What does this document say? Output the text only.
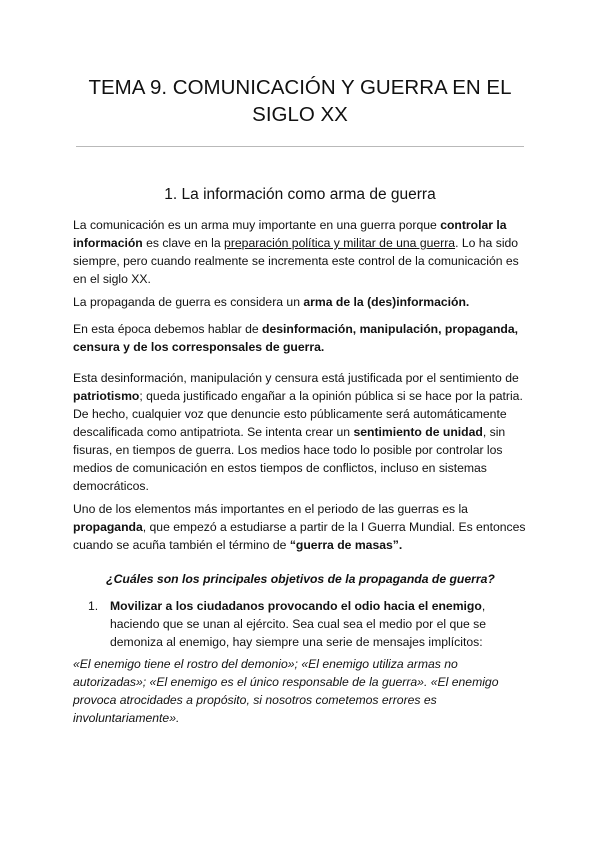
TEMA 9. COMUNICACIÓN Y GUERRA EN EL
SIGLO XX
1. La información como arma de guerra

La comunicación es un arma muy importante en una guerra porque controlar la información es clave en la preparación política y militar de una guerra. Lo ha sido siempre, pero cuando realmente se incrementa este control de la comunicación es en el siglo XX.

La propaganda de guerra es considera un arma de la (des)información.

En esta época debemos hablar de desinformación, manipulación, propaganda, censura y de los corresponsales de guerra.

Esta desinformación, manipulación y censura está justificada por el sentimiento de patriotismo; queda justificado engañar a la opinión pública si se hace por la patria. De hecho, cualquier voz que denuncie esto públicamente será automáticamente descalificada como antipatriota. Se intenta crear un sentimiento de unidad, sin fisuras, en tiempos de guerra. Los medios hace todo lo posible por controlar los medios de comunicación en estos tiempos de conflictos, incluso en sistemas democráticos.

Uno de los elementos más importantes en el periodo de las guerras es la propaganda, que empezó a estudiarse a partir de la I Guerra Mundial. Es entonces cuando se acuña también el término de “guerra de masas”.

¿Cuáles son los principales objetivos de la propaganda de guerra?

1. Movilizar a los ciudadanos provocando el odio hacia el enemigo, haciendo que se unan al ejército. Sea cual sea el medio por el que se demoniza al enemigo, hay siempre una serie de mensajes implícitos:

«El enemigo tiene el rostro del demonio»; «El enemigo utiliza armas no autorizadas»; «El enemigo es el único responsable de la guerra». «El enemigo provoca atrocidades a propósito, si nosotros cometemos errores es involuntariamente».
